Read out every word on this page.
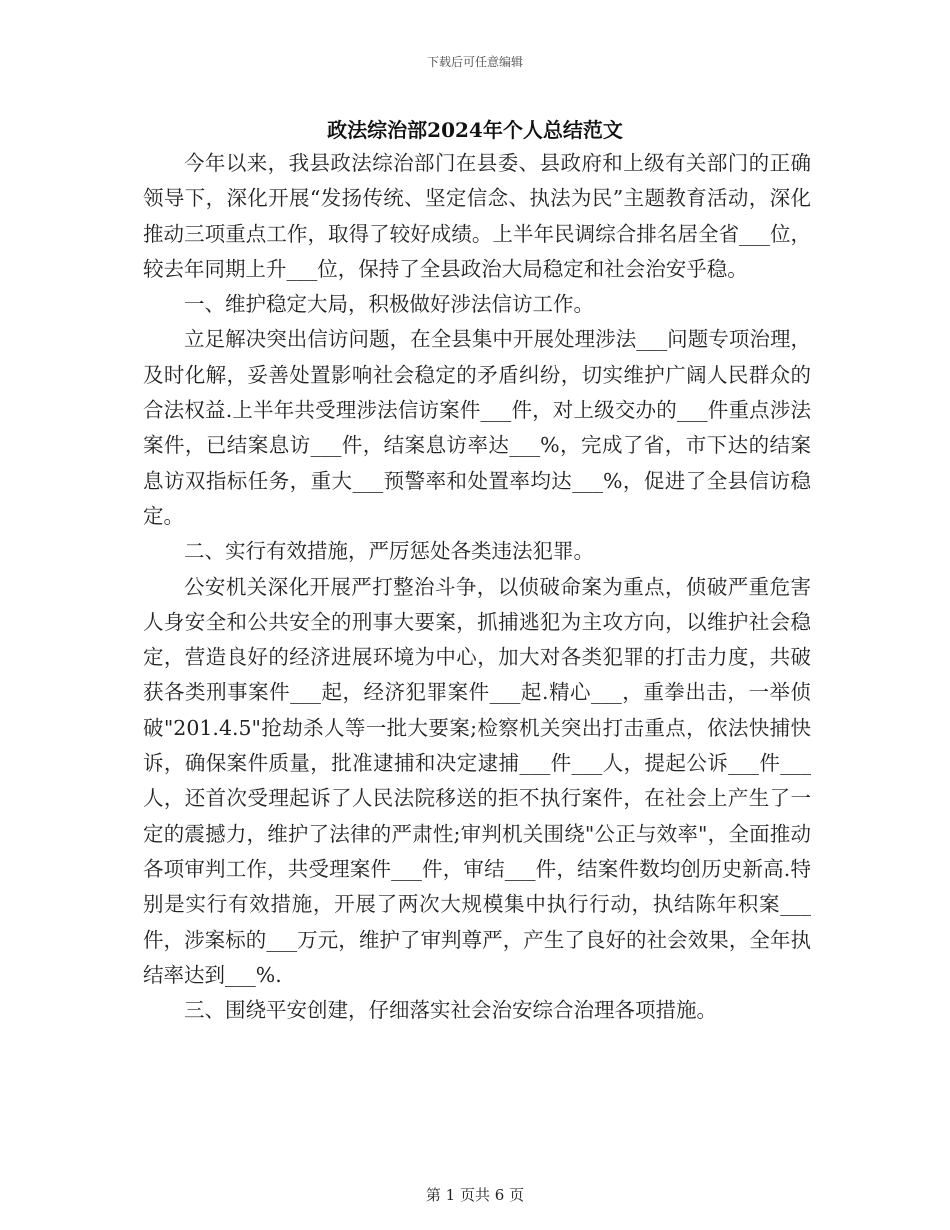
下载后可任意编辑
政法综治部2024年个人总结范文

今年以来，我县政法综治部门在县委、县政府和上级有关部门的正确领导下，深化开展“发扬传统、坚定信念、执法为民”主题教育活动，深化推动三项重点工作，取得了较好成绩。上半年民调综合排名居全省___位，较去年同期上升___位，保持了全县政治大局稳定和社会治安乎稳。

一、维护稳定大局，积极做好涉法信访工作。

立足解决突出信访问题，在全县集中开展处理涉法___问题专项治理，及时化解，妥善处置影响社会稳定的矛盾纠纷，切实维护广阔人民群众的合法权益.上半年共受理涉法信访案件___件，对上级交办的___件重点涉法案件，已结案息访___件，结案息访率达___%，完成了省，市下达的结案息访双指标任务，重大___预警率和处置率均达___%，促进了全县信访稳定。

二、实行有效措施，严厉惩处各类违法犯罪。

公安机关深化开展严打整治斗争，以侦破命案为重点，侦破严重危害人身安全和公共安全的刑事大要案，抓捕逃犯为主攻方向，以维护社会稳定，营造良好的经济进展环境为中心，加大对各类犯罪的打击力度，共破获各类刑事案件___起，经济犯罪案件___起.精心___，重拳出击，一举侦破"201.4.5"抢劫杀人等一批大要案;检察机关突出打击重点，依法快捕快诉，确保案件质量，批准逮捕和决定逮捕___件___人，提起公诉___件___人，还首次受理起诉了人民法院移送的拒不执行案件，在社会上产生了一定的震撼力，维护了法律的严肃性;审判机关围绕"公正与效率"，全面推动各项审判工作，共受理案件___件，审结___件，结案件数均创历史新高.特别是实行有效措施，开展了两次大规模集中执行行动，执结陈年积案___件，涉案标的___万元，维护了审判尊严，产生了良好的社会效果，全年执结率达到___%.

三、围绕平安创建，仔细落实社会治安综合治理各项措施。

第 1 页共 6 页
